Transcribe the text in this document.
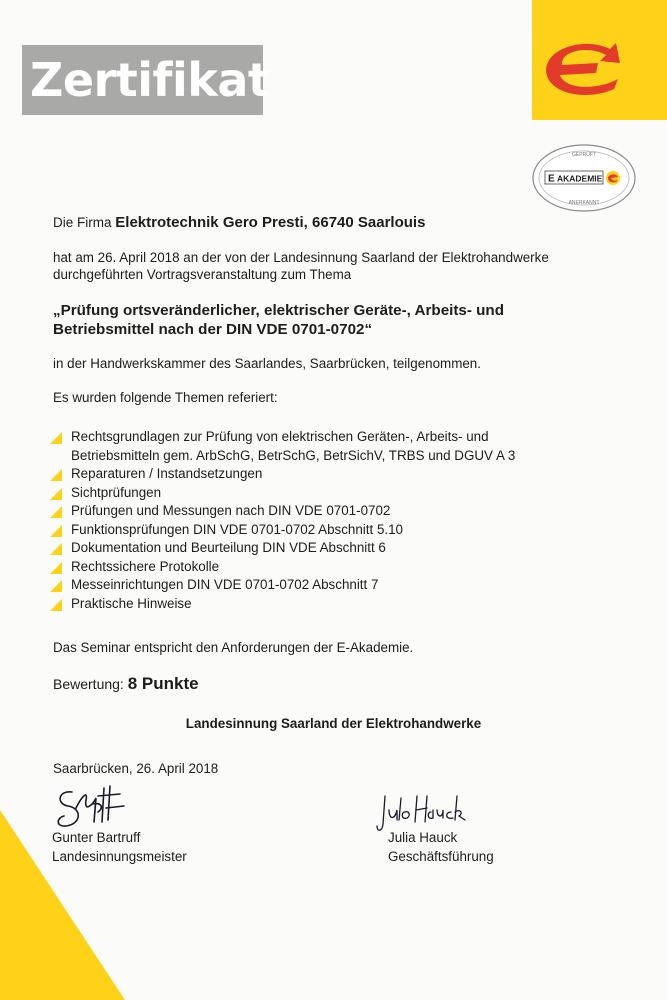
Zertifikat
GEPRÜFT
E AKADEMIE
ANERKANNT
Die Firma Elektrotechnik Gero Presti, 66740 Saarlouis
hat am 26. April 2018 an der von der Landesinnung Saarland der Elektrohandwerke
durchgeführten Vortragsveranstaltung zum Thema
„Prüfung ortsveränderlicher, elektrischer Geräte-, Arbeits- und
Betriebsmittel nach der DIN VDE 0701-0702“
in der Handwerkskammer des Saarlandes, Saarbrücken, teilgenommen.
Es wurden folgende Themen referiert:
Rechtsgrundlagen zur Prüfung von elektrischen Geräten-, Arbeits- und
Betriebsmitteln gem. ArbSchG, BetrSchG, BetrSichV, TRBS und DGUV A 3
Reparaturen / Instandsetzungen
Sichtprüfungen
Prüfungen und Messungen nach DIN VDE 0701-0702
Funktionsprüfungen DIN VDE 0701-0702 Abschnitt 5.10
Dokumentation und Beurteilung DIN VDE Abschnitt 6
Rechtssichere Protokolle
Messeinrichtungen DIN VDE 0701-0702 Abschnitt 7
Praktische Hinweise
Das Seminar entspricht den Anforderungen der E-Akademie.
Bewertung: 8 Punkte
Landesinnung Saarland der Elektrohandwerke
Saarbrücken, 26. April 2018
Gunter Bartruff
Landesinnungsmeister
Julia Hauck
Geschäftsführung
